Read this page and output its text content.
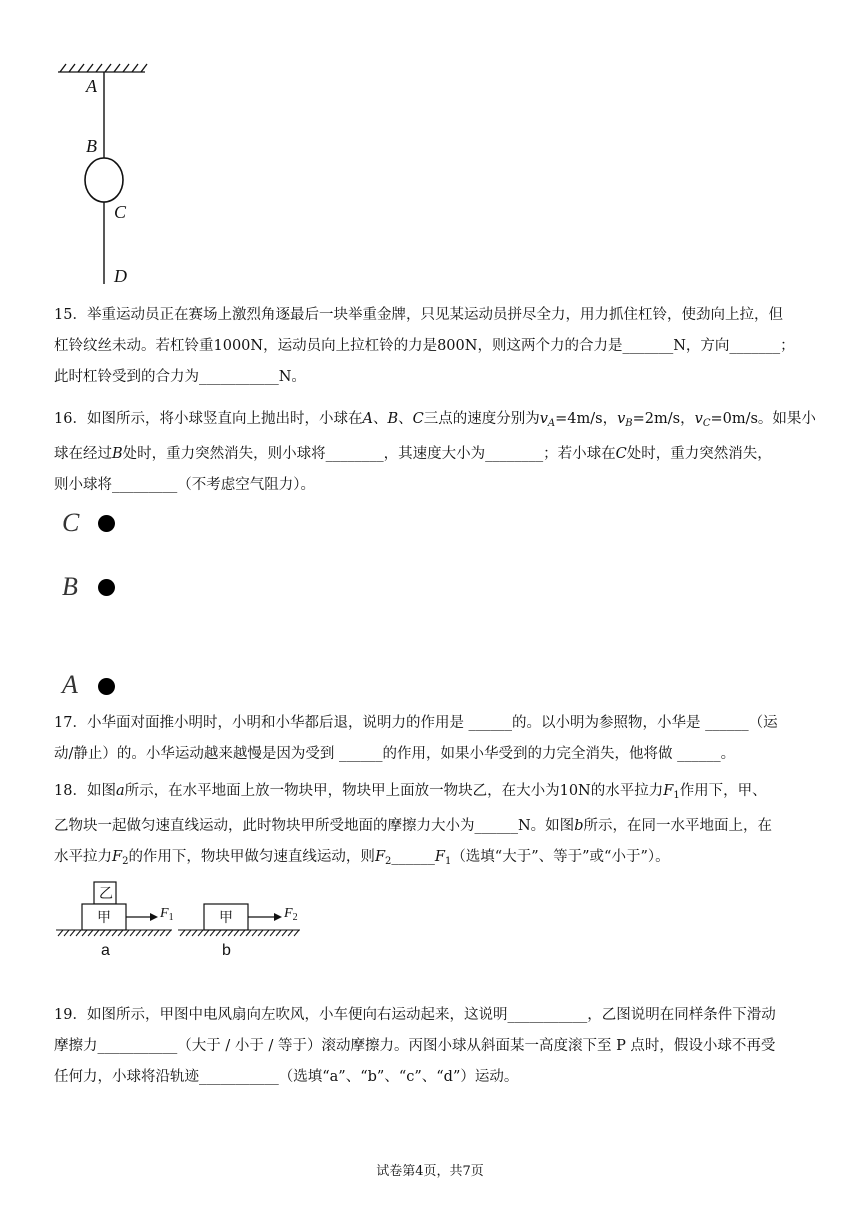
A
B
C
D

15．举重运动员正在赛场上激烈角逐最后一块举重金牌，只见某运动员拼尽全力，用力抓住杠铃，使劲向上拉，但

杠铃纹丝未动。若杠铃重1000N，运动员向上拉杠铃的力是800N，则这两个力的合力是_______N，方向_______；

此时杠铃受到的合力为___________N。

16．如图所示，将小球竖直向上抛出时，小球在A、B、C三点的速度分别为$v_A=4m/s$，$v_B=2m/s$，$v_C=0m/s$。如果小

球在经过B处时，重力突然消失，则小球将________，其速度大小为________；若小球在C处时，重力突然消失，

则小球将_________（不考虑空气阻力）。

C
B
A

17．小华面对面推小明时，小明和小华都后退，说明力的作用是 ______的。以小明为参照物，小华是 ______（运

动/静止）的。小华运动越来越慢是因为受到 ______的作用，如果小华受到的力完全消失，他将做 ______。

18．如图a所示，在水平地面上放一物块甲，物块甲上面放一物块乙，在大小为10N的水平拉力$F_1$作用下，甲、

乙物块一起做匀速直线运动，此时物块甲所受地面的摩擦力大小为______N。如图b所示，在同一水平地面上，在

水平拉力$F_2$的作用下，物块甲做匀速直线运动，则$F_2\_\_\_\_\_\_F_1$（选填“大于”、等于”或“小于”）。

乙
甲	甲
$F_1$	$F_2$
a	b

19．如图所示，甲图中电风扇向左吹风，小车便向右运动起来，这说明___________，乙图说明在同样条件下滑动

摩擦力___________（大于 / 小于 / 等于）滚动摩擦力。丙图小球从斜面某一高度滚下至 P 点时，假设小球不再受

任何力，小球将沿轨迹___________（选填“a”、“b”、“c”、“d”）运动。

试卷第4页，共7页
